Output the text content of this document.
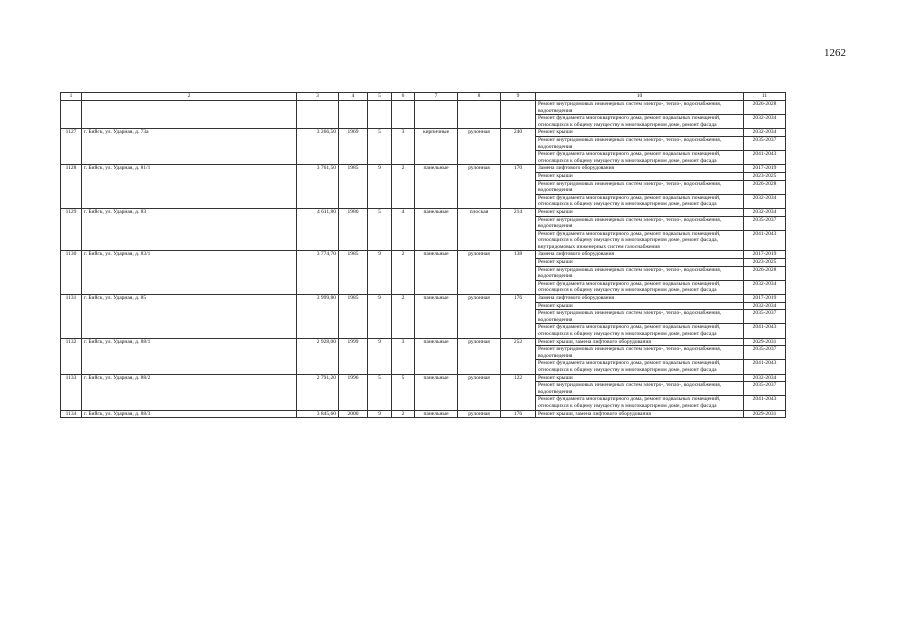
1262
1	2	3	4	5	6	7	8	9	10	11
									Ремонт внутридомовых инженерных систем электро-, тепло-, водоснабжения, водоотведения	2026-2028
									Ремонт фундамента многоквартирного дома, ремонт подвальных помещений, относящихся к общему имуществу в многоквартирном доме, ремонт фасада	2032-2034
1127	г. Бийск, ул. Ударная, д. 73а	3 266,50	1969	5	3	кирпичные	рулонная	240	Ремонт крыши	2032-2034
									Ремонт внутридомовых инженерных систем электро-, тепло-, водоснабжения, водоотведения	2035-2037
									Ремонт фундамента многоквартирного дома, ремонт подвальных помещений, относящихся к общему имуществу в многоквартирном доме, ремонт фасада	2041-2043
1128	г. Бийск, ул. Ударная, д. 81/1	3 761,50	1985	9	2	панельные	рулонная	170	Замена лифтового оборудования	2017-2019
									Ремонт крыши	2023-2025
									Ремонт внутридомовых инженерных систем электро-, тепло-, водоснабжения, водоотведения	2026-2028
									Ремонт фундамента многоквартирного дома, ремонт подвальных помещений, относящихся к общему имуществу в многоквартирном доме, ремонт фасада	2032-2034
1129	г. Бийск, ул. Ударная, д. 83	4 611,80	1986	5	4	панельные	плоская	214	Ремонт крыши	2032-2034
									Ремонт внутридомовых инженерных систем электро-, тепло-, водоснабжения, водоотведения	2035-2037
									Ремонт фундамента многоквартирного дома, ремонт подвальных помещений, относящихся к общему имуществу в многоквартирном доме, ремонт фасада, внутридомовых инженерных систем газоснабжения	2041-2043
1130	г. Бийск, ул. Ударная, д. 83/1	3 774,70	1985	9	2	панельные	рулонная	138	Замена лифтового оборудования	2017-2019
									Ремонт крыши	2023-2025
									Ремонт внутридомовых инженерных систем электро-, тепло-, водоснабжения, водоотведения	2026-2028
									Ремонт фундамента многоквартирного дома, ремонт подвальных помещений, относящихся к общему имуществу в многоквартирном доме, ремонт фасада	2032-2034
1131	г. Бийск, ул. Ударная, д. 85	3 999,80	1985	9	2	панельные	рулонная	176	Замена лифтового оборудования	2017-2019
									Ремонт крыши	2032-2034
									Ремонт внутридомовых инженерных систем электро-, тепло-, водоснабжения, водоотведения	2035-2037
									Ремонт фундамента многоквартирного дома, ремонт подвальных помещений, относящихся к общему имуществу в многоквартирном доме, ремонт фасада	2041-2043
1132	г. Бийск, ул. Ударная, д. 88/1	2 928,00	1999	9	3	панельные	рулонная	252	Ремонт крыши, замена лифтового оборудования	2029-2031
									Ремонт внутридомовых инженерных систем электро-, тепло-, водоснабжения, водоотведения	2035-2037
									Ремонт фундамента многоквартирного дома, ремонт подвальных помещений, относящихся к общему имуществу в многоквартирном доме, ремонт фасада	2041-2043
1133	г. Бийск, ул. Ударная, д. 88/2	2 791,20	1996	5	5	панельные	рулонная	122	Ремонт крыши	2032-2034
									Ремонт внутридомовых инженерных систем электро-, тепло-, водоснабжения, водоотведения	2035-2037
									Ремонт фундамента многоквартирного дома, ремонт подвальных помещений, относящихся к общему имуществу в многоквартирном доме, ремонт фасада	2041-2043
1134	г. Бийск, ул. Ударная, д. 88/3	3 845,60	2000	9	2	панельные	рулонная	176	Ремонт крыши, замена лифтового оборудования	2029-2031
